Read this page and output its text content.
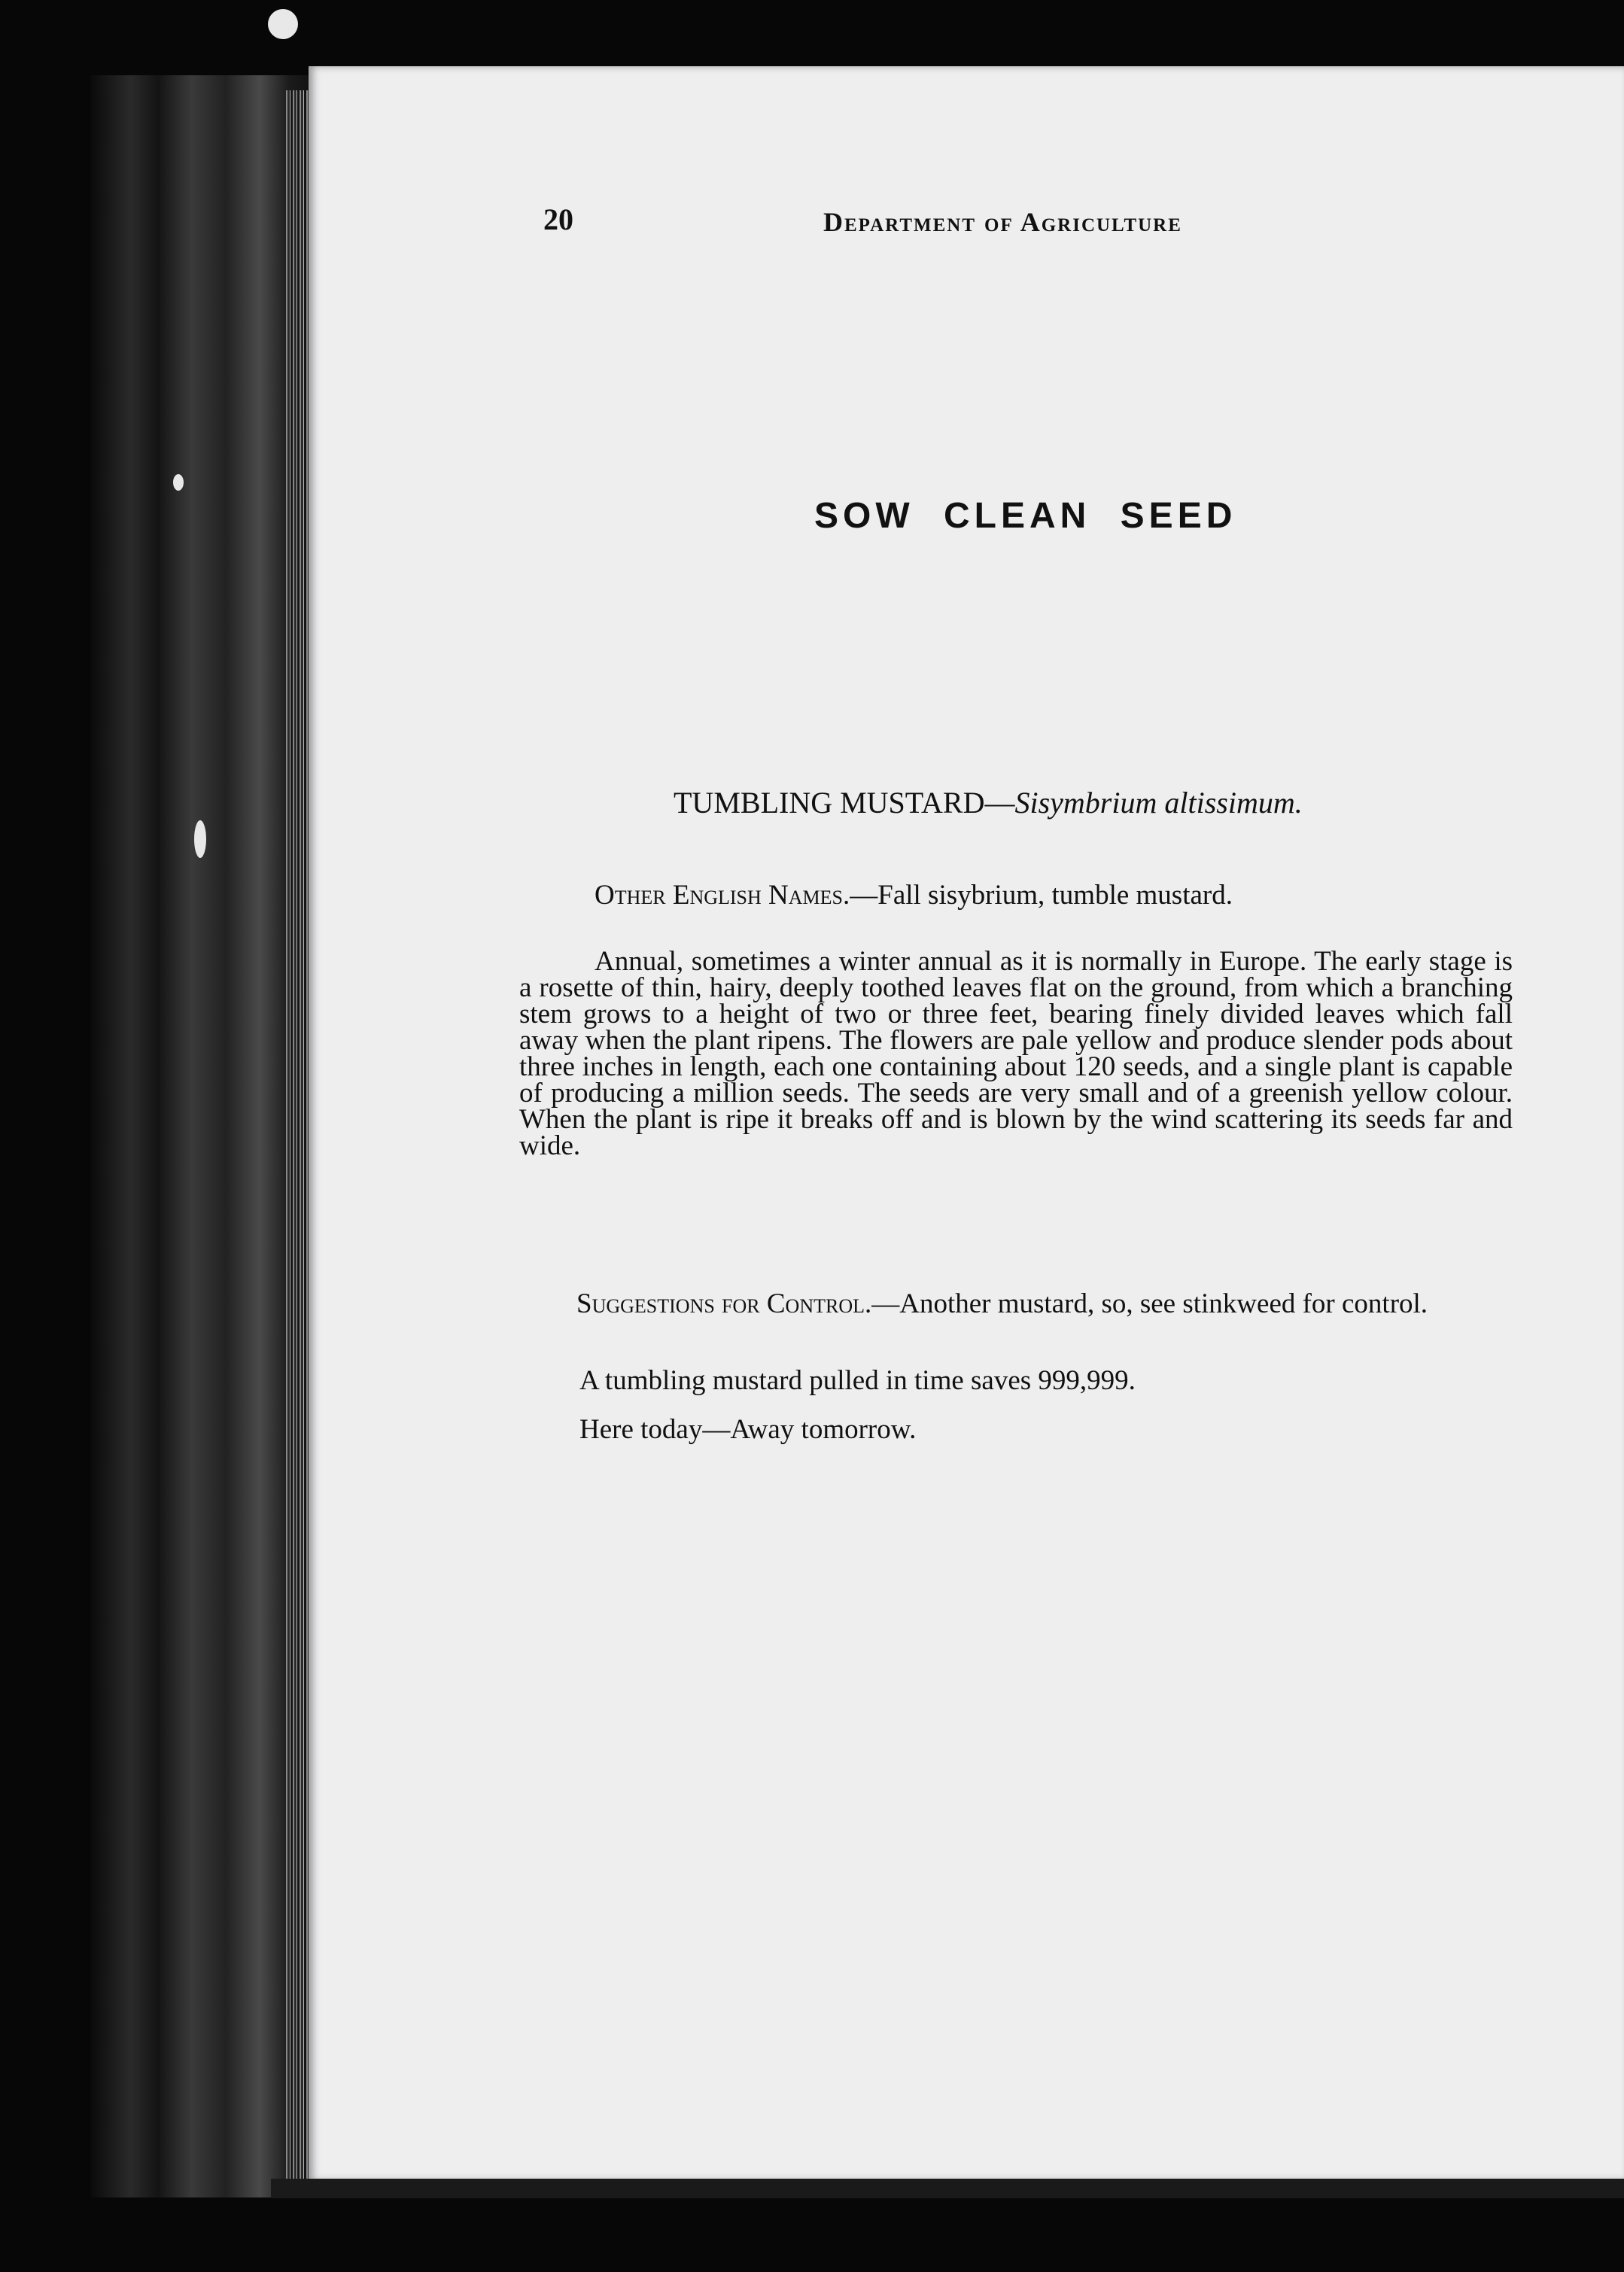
20	Department of Agriculture
SOW CLEAN SEED
TUMBLING MUSTARD—Sisymbrium altissimum.

Other English Names.—Fall sisybrium, tumble mustard.

Annual, sometimes a winter annual as it is normally in Europe. The early stage is a rosette of thin, hairy, deeply toothed leaves flat on the ground, from which a branching stem grows to a height of two or three feet, bearing finely divided leaves which fall away when the plant ripens. The flowers are pale yellow and produce slender pods about three inches in length, each one containing about 120 seeds, and a single plant is capable of producing a million seeds. The seeds are very small and of a greenish yellow colour. When the plant is ripe it breaks off and is blown by the wind scattering its seeds far and wide.

Suggestions for Control.—Another mustard, so, see stinkweed for control.

A tumbling mustard pulled in time saves 999,999.

Here today—Away tomorrow.
